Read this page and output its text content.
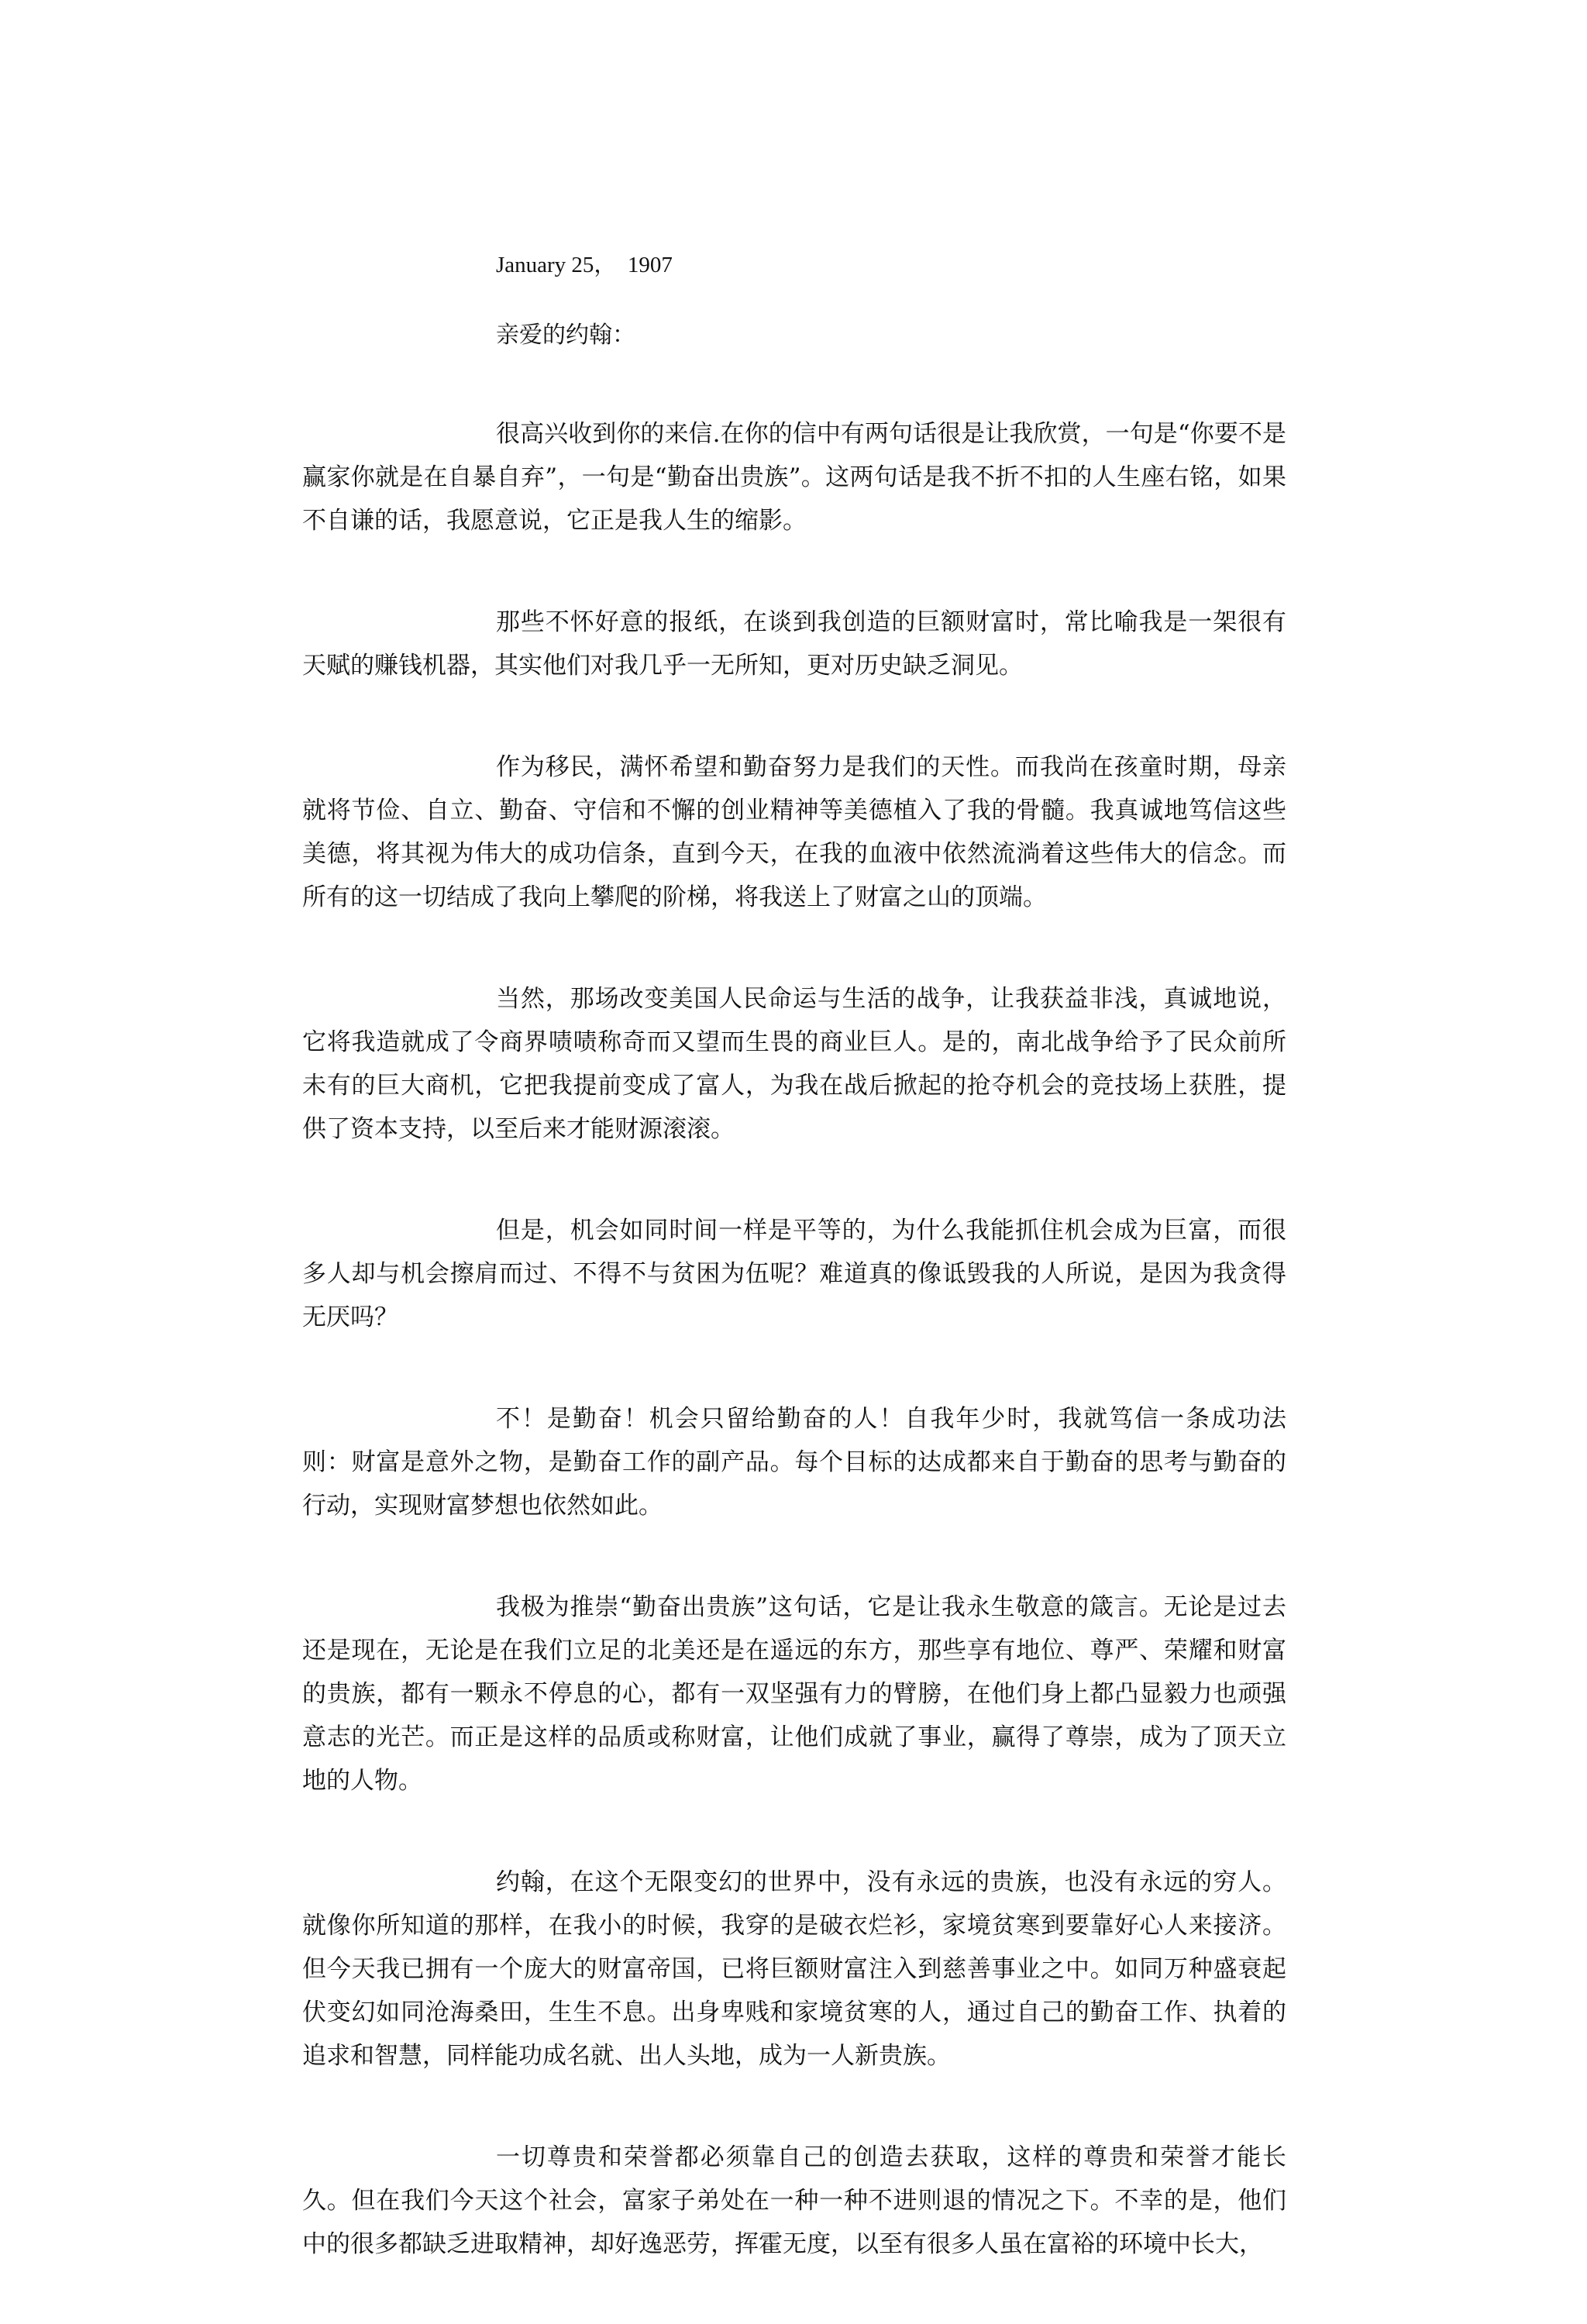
January 25，  1907
亲爱的约翰：

很高兴收到你的来信.在你的信中有两句话很是让我欣赏，一句是“你要不是赢家你就是在自暴自弃”，一句是“勤奋出贵族”。这两句话是我不折不扣的人生座右铭，如果不自谦的话，我愿意说，它正是我人生的缩影。

那些不怀好意的报纸，在谈到我创造的巨额财富时，常比喻我是一架很有天赋的赚钱机器，其实他们对我几乎一无所知，更对历史缺乏洞见。

作为移民，满怀希望和勤奋努力是我们的天性。而我尚在孩童时期，母亲就将节俭、自立、勤奋、守信和不懈的创业精神等美德植入了我的骨髓。我真诚地笃信这些美德，将其视为伟大的成功信条，直到今天，在我的血液中依然流淌着这些伟大的信念。而所有的这一切结成了我向上攀爬的阶梯，将我送上了财富之山的顶端。

当然，那场改变美国人民命运与生活的战争，让我获益非浅，真诚地说，它将我造就成了令商界啧啧称奇而又望而生畏的商业巨人。是的，南北战争给予了民众前所未有的巨大商机，它把我提前变成了富人，为我在战后掀起的抢夺机会的竞技场上获胜，提供了资本支持，以至后来才能财源滚滚。

但是，机会如同时间一样是平等的，为什么我能抓住机会成为巨富，而很多人却与机会擦肩而过、不得不与贫困为伍呢？难道真的像诋毁我的人所说，是因为我贪得无厌吗？

不！是勤奋！机会只留给勤奋的人！自我年少时，我就笃信一条成功法则：财富是意外之物，是勤奋工作的副产品。每个目标的达成都来自于勤奋的思考与勤奋的行动，实现财富梦想也依然如此。

我极为推崇“勤奋出贵族”这句话，它是让我永生敬意的箴言。无论是过去还是现在，无论是在我们立足的北美还是在遥远的东方，那些享有地位、尊严、荣耀和财富的贵族，都有一颗永不停息的心，都有一双坚强有力的臂膀，在他们身上都凸显毅力也顽强意志的光芒。而正是这样的品质或称财富，让他们成就了事业，赢得了尊崇，成为了顶天立地的人物。

约翰，在这个无限变幻的世界中，没有永远的贵族，也没有永远的穷人。就像你所知道的那样，在我小的时候，我穿的是破衣烂衫，家境贫寒到要靠好心人来接济。但今天我已拥有一个庞大的财富帝国，已将巨额财富注入到慈善事业之中。如同万种盛衰起伏变幻如同沧海桑田，生生不息。出身卑贱和家境贫寒的人，通过自己的勤奋工作、执着的追求和智慧，同样能功成名就、出人头地，成为一人新贵族。

一切尊贵和荣誉都必须靠自己的创造去获取，这样的尊贵和荣誉才能长久。但在我们今天这个社会，富家子弟处在一种一种不进则退的情况之下。不幸的是，他们中的很多都缺乏进取精神，却好逸恶劳，挥霍无度，以至有很多人虽在富裕的环境中长大，
